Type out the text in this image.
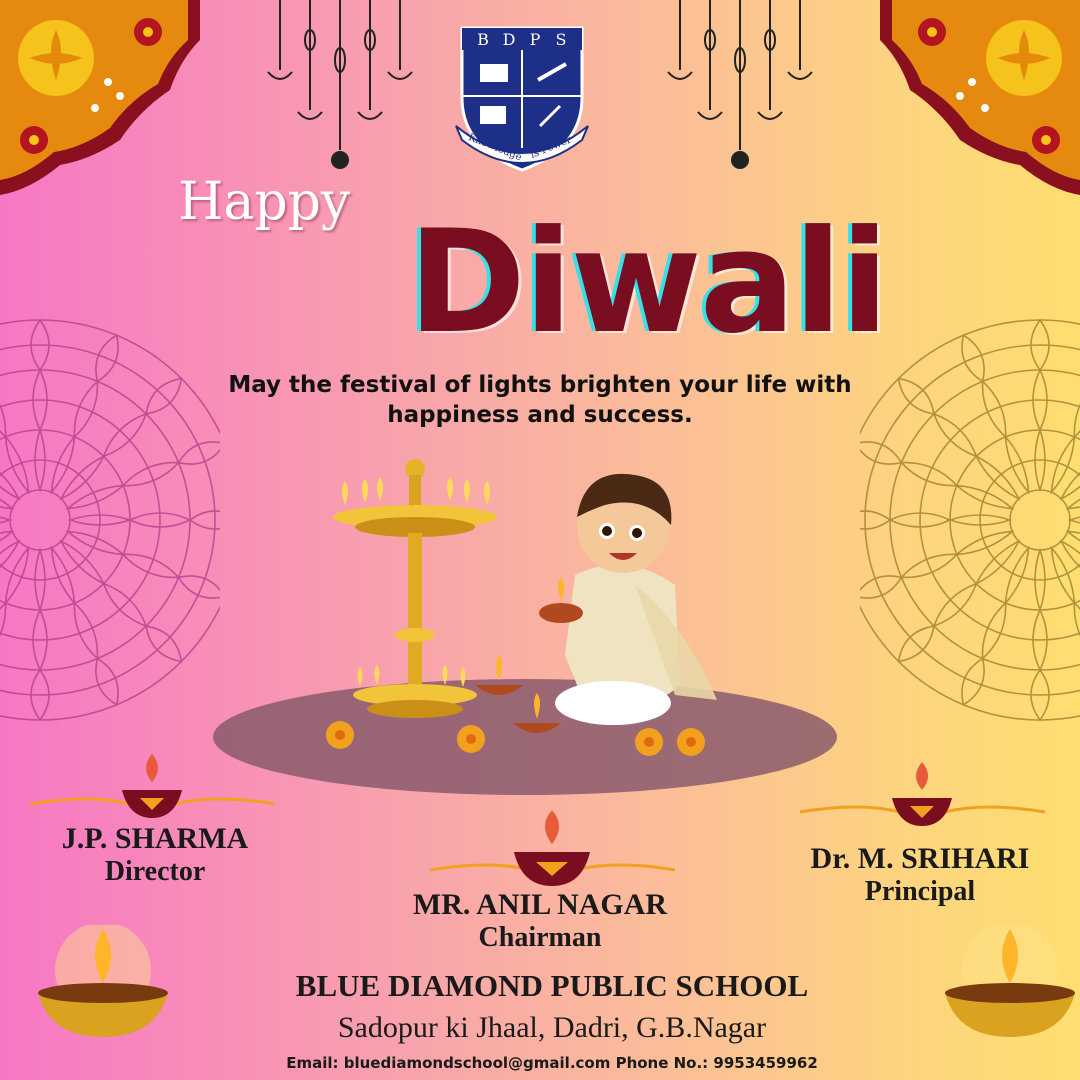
B D P S
Knowledge is Power
Happy Diwali
May the festival of lights brighten your life with
happiness and success.
J.P. SHARMA
Director
MR. ANIL NAGAR
Chairman
Dr. M. SRIHARI
Principal
BLUE DIAMOND PUBLIC SCHOOL
Sadopur ki Jhaal, Dadri, G.B.Nagar
Email: bluediamondschool@gmail.com Phone No.: 9953459962
